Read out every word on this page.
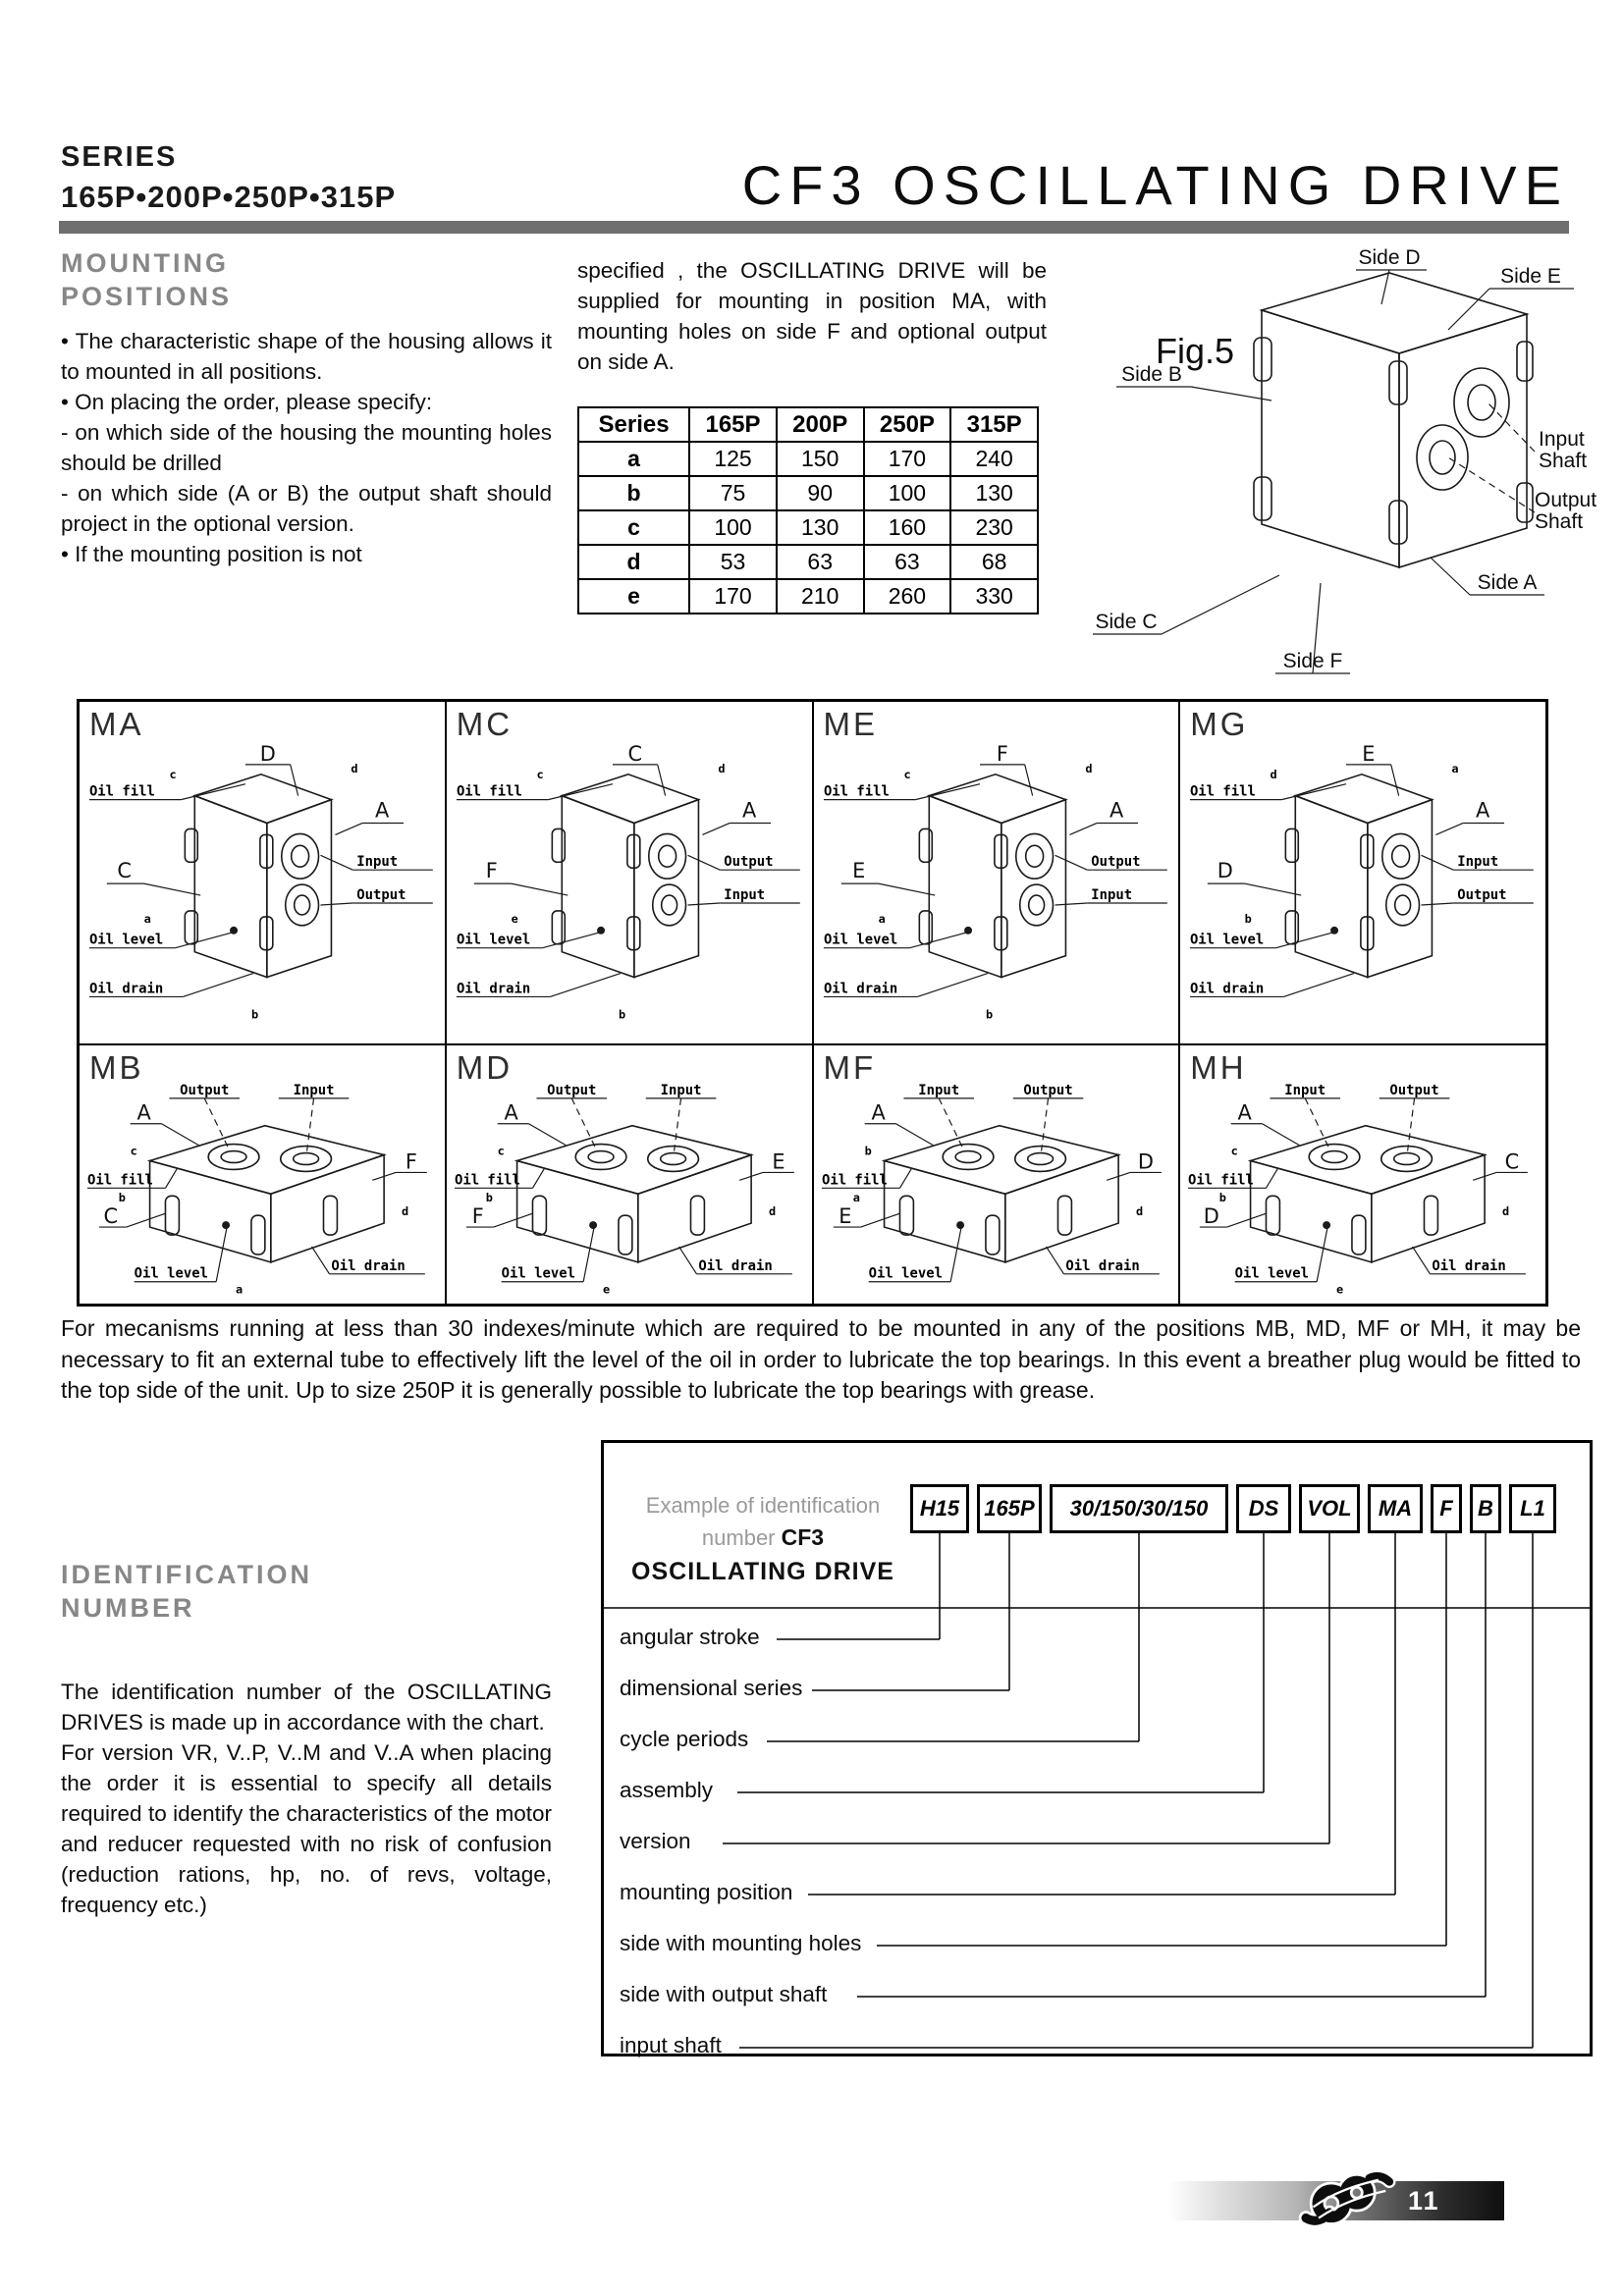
SERIES
165P•200P•250P•315P	CF3 OSCILLATING DRIVE
MOUNTING
POSITIONS
• The characteristic shape of the housing allows it to mounted in all positions.
• On placing the order, please specify:
- on which side of the housing the mounting holes should be drilled
- on which side (A or B) the output shaft should project in the optional version.
• If the mounting position is not
specified , the OSCILLATING DRIVE will be supplied for mounting in position MA, with mounting holes on side F and optional output on side A.
Series	165P	200P	250P	315P
a	125	150	170	240
b	75	90	100	130
c	100	130	160	230
d	53	63	63	68
e	170	210	260	330
Fig.5
Side D
Side E
Side B
Input
Shaft
Output
Shaft
Side A
Side C
Side F
MA
D
A
C
Oil fill
Input
Output
Oil level
Oil drain
c	d
a
b
MC
C
A
F
Oil fill
Output
Input
Oil level
Oil drain
c	d
e
b
ME
F
A
E
Oil fill
Output
Input
Oil level
Oil drain
c	d
a
b
MG
E
A
D
Oil fill
Input
Output
Oil level
Oil drain
d	a
b
MB
A
F
C
Output	Input
Oil fill
Oil level	Oil drain
c
b
d
a
MD
A
E
F
Output	Input
Oil fill
Oil level	Oil drain
c
b
d
e
MF
A
D
E
Input	Output
Oil fill
Oil level	Oil drain
b
a
d
MH
A
C
D
Input	Output
Oil fill
Oil level	Oil drain
c
b
d
e
For mecanisms running at less than 30 indexes/minute which are required to be mounted in any of the positions MB, MD, MF or MH, it may be necessary to fit an external tube to effectively lift the level of the oil in order to lubricate the top bearings. In this event a breather plug would be fitted to the top side of the unit. Up to size 250P it is generally possible to lubricate the top bearings with grease.
IDENTIFICATION
NUMBER
The identification number of the OSCILLATING DRIVES is made up in accordance with the chart.
For version VR, V..P, V..M and V..A when placing the order it is essential to specify all details required to identify the characteristics of the motor and reducer requested with no risk of confusion (reduction rations, hp, no. of revs, voltage, frequency etc.)
Example of identification
number CF3
OSCILLATING DRIVE
H15	165P	30/150/30/150	DS	VOL	MA	F	B	L1
angular stroke
dimensional series
cycle periods
assembly
version
mounting position
side with mounting holes
side with output shaft
input shaft
11
